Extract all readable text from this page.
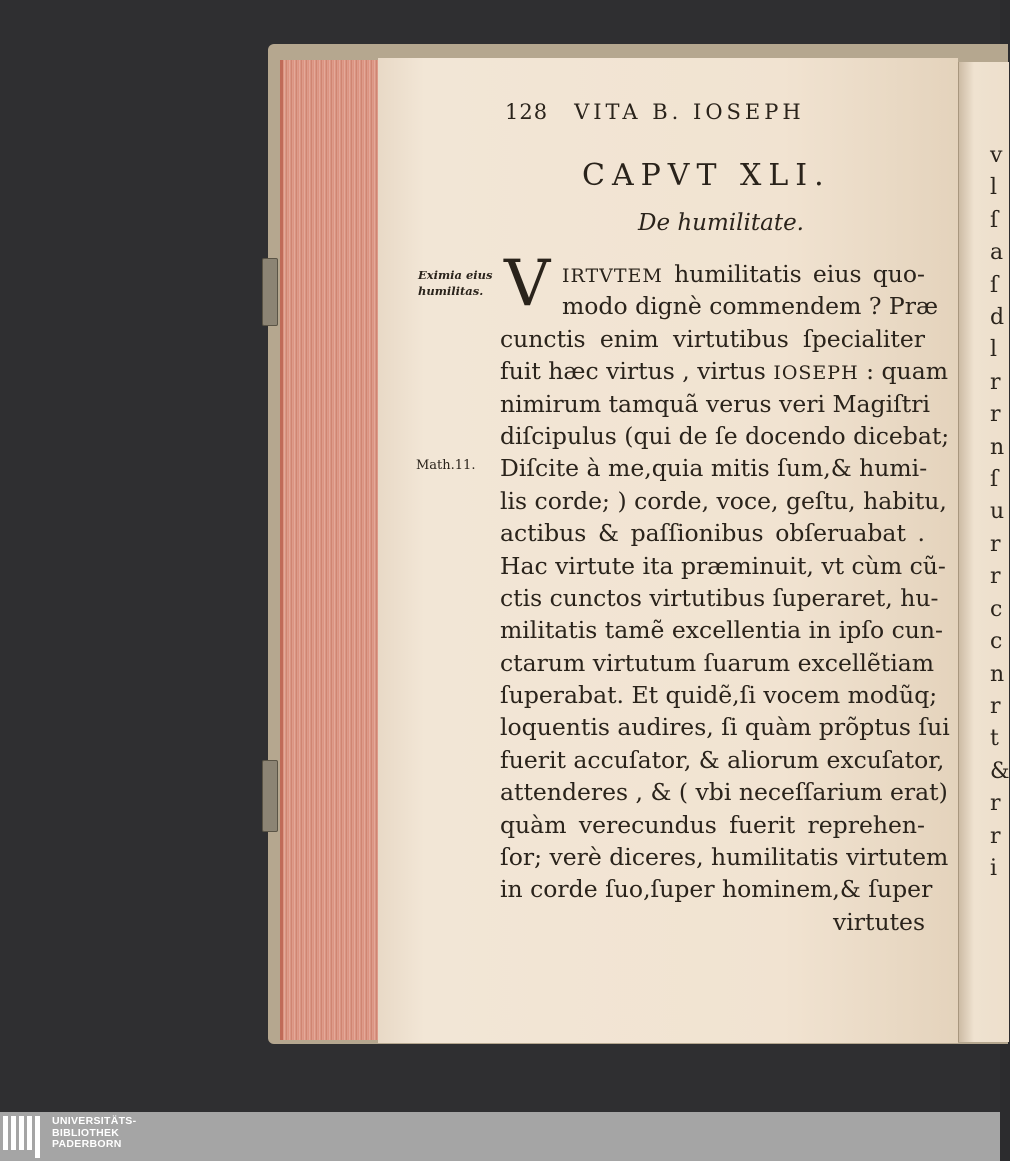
v
l
ſ
a
ſ
d
l
r
r
n
ſ
u
r
r
c
c
n
r
t
&
r
r
i
128 VITA B. IOSEPH
CAPVT XLI.
De humilitate.
Eximia eius humilitas.
Math.11.
V IRTVTEM humilitatis eius quo-
modo dignè commendem ? Præ
cunctis enim virtutibus ſpecialiter
fuit hæc virtus , virtus IOSEPH : quam
nimirum tamquã verus veri Magiſtri
diſcipulus (qui de ſe docendo dicebat;
Diſcite à me,quia mitis ſum,& humi-
lis corde; ) corde, voce, geſtu, habitu,
actibus & paſſionibus obſeruabat .
Hac virtute ita præminuit, vt cùm cũ-
ctis cunctos virtutibus ſuperaret, hu-
militatis tamẽ excellentia in ipſo cun-
ctarum virtutum ſuarum excellẽtiam
ſuperabat. Et quidẽ,ſi vocem modũq;
loquentis audires, ſi quàm prõptus ſui
fuerit accuſator, & aliorum excuſator,
attenderes , & ( vbi neceſſarium erat)
quàm verecundus fuerit reprehen-
ſor; verè diceres, humilitatis virtutem
in corde ſuo,ſuper hominem,& ſuper
virtutes
UNIVERSITÄTS-
BIBLIOTHEK
PADERBORN
